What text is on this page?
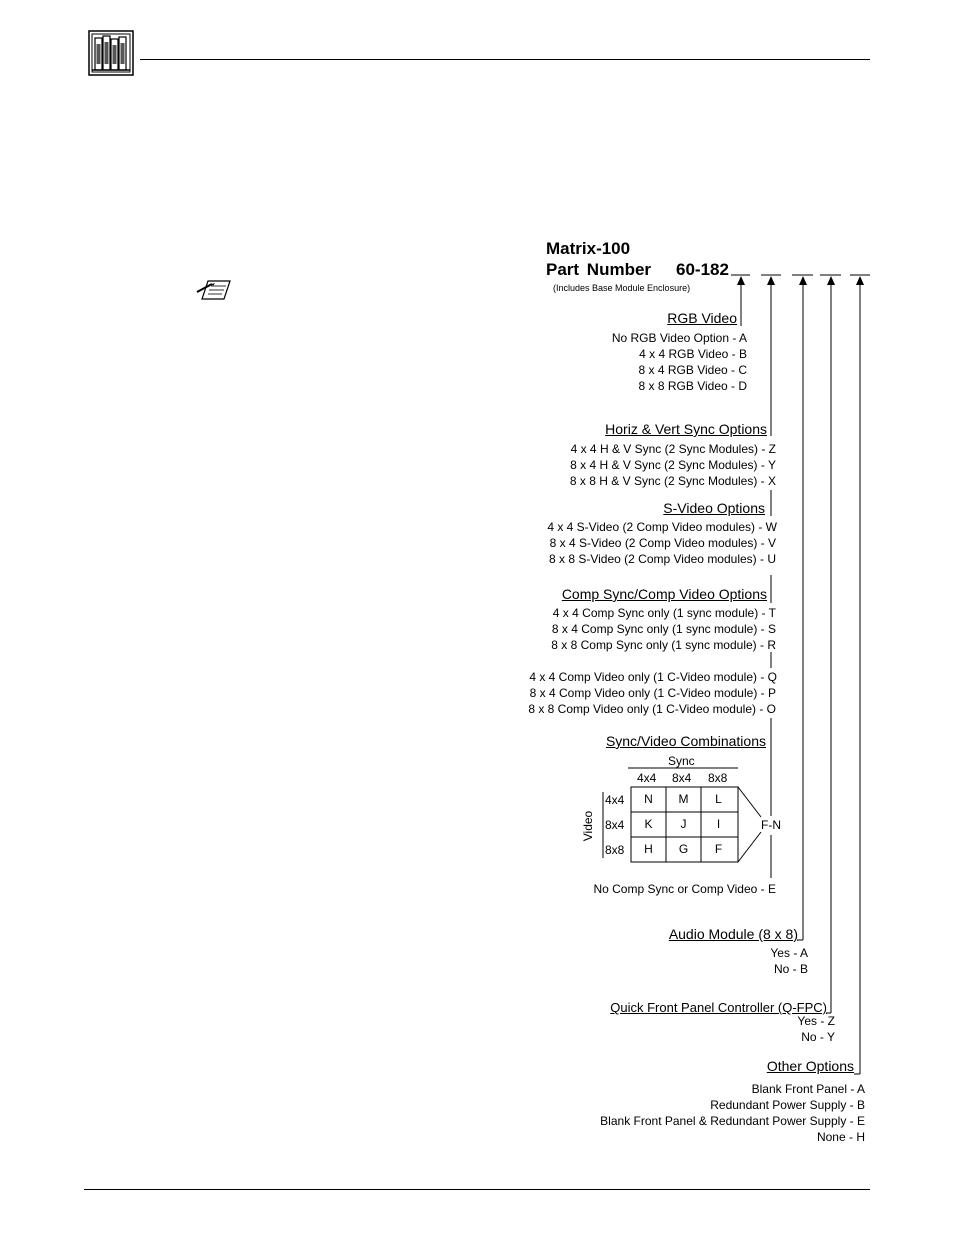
Matrix-100
Part Number 60-182
(Includes Base Module Enclosure)
RGB Video
No RGB Video Option - A
4 x 4 RGB Video - B
8 x 4 RGB Video - C
8 x 8 RGB Video - D
Horiz & Vert Sync Options
4 x 4 H & V Sync (2 Sync Modules) - Z
8 x 4 H & V Sync (2 Sync Modules) - Y
8 x 8 H & V Sync (2 Sync Modules) - X
S-Video Options
4 x 4 S-Video (2 Comp Video modules) - W
8 x 4 S-Video (2 Comp Video modules) - V
8 x 8 S-Video (2 Comp Video modules) - U
Comp Sync/Comp Video Options
4 x 4 Comp Sync only (1 sync module) - T
8 x 4 Comp Sync only (1 sync module) - S
8 x 8 Comp Sync only (1 sync module) - R
4 x 4 Comp Video only (1 C-Video module) - Q
8 x 4 Comp Video only (1 C-Video module) - P
8 x 8 Comp Video only (1 C-Video module) - O
Sync/Video Combinations
Sync
4x4 8x4 8x8
Video
4x4
8x4
8x8
N	M	L
K	J	I
H	G	F
F-N
No Comp Sync or Comp Video - E
Audio Module (8 x 8)
Yes - A
No - B
Quick Front Panel Controller (Q-FPC)
Yes - Z
No - Y
Other Options
Blank Front Panel - A
Redundant Power Supply - B
Blank Front Panel & Redundant Power Supply - E
None - H
